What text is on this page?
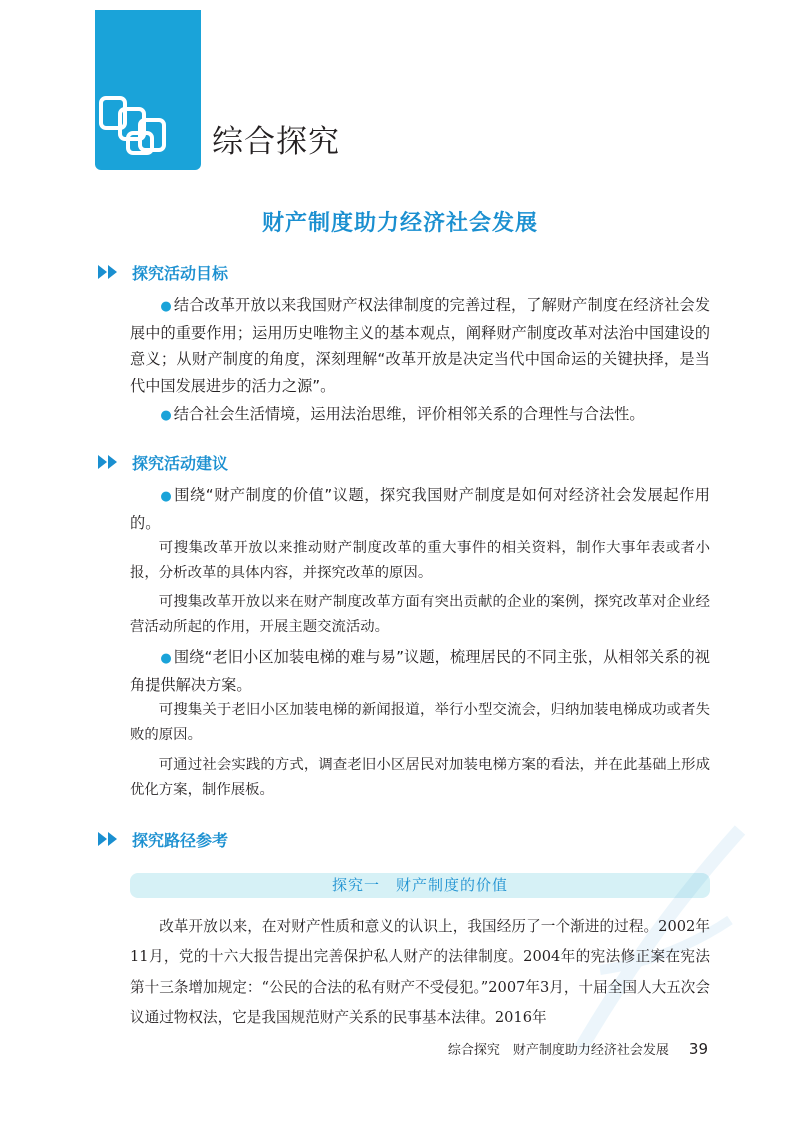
综合探究
财产制度助力经济社会发展
探究活动目标

● 结合改革开放以来我国财产权法律制度的完善过程，了解财产制度在经济社会发展中的重要作用；运用历史唯物主义的基本观点，阐释财产制度改革对法治中国建设的意义；从财产制度的角度，深刻理解“改革开放是决定当代中国命运的关键抉择，是当代中国发展进步的活力之源”。

● 结合社会生活情境，运用法治思维，评价相邻关系的合理性与合法性。

探究活动建议

● 围绕“财产制度的价值”议题，探究我国财产制度是如何对经济社会发展起作用的。

可搜集改革开放以来推动财产制度改革的重大事件的相关资料，制作大事年表或者小报，分析改革的具体内容，并探究改革的原因。

可搜集改革开放以来在财产制度改革方面有突出贡献的企业的案例，探究改革对企业经营活动所起的作用，开展主题交流活动。

● 围绕“老旧小区加装电梯的难与易”议题，梳理居民的不同主张，从相邻关系的视角提供解决方案。

可搜集关于老旧小区加装电梯的新闻报道，举行小型交流会，归纳加装电梯成功或者失败的原因。

可通过社会实践的方式，调查老旧小区居民对加装电梯方案的看法，并在此基础上形成优化方案，制作展板。

探究路径参考
探究一　财产制度的价值

改革开放以来，在对财产性质和意义的认识上，我国经历了一个渐进的过程。2002年11月，党的十六大报告提出完善保护私人财产的法律制度。2004年的宪法修正案在宪法第十三条增加规定：“公民的合法的私有财产不受侵犯。”2007年3月，十届全国人大五次会议通过物权法，它是我国规范财产关系的民事基本法律。2016年

综合探究　财产制度助力经济社会发展 39
